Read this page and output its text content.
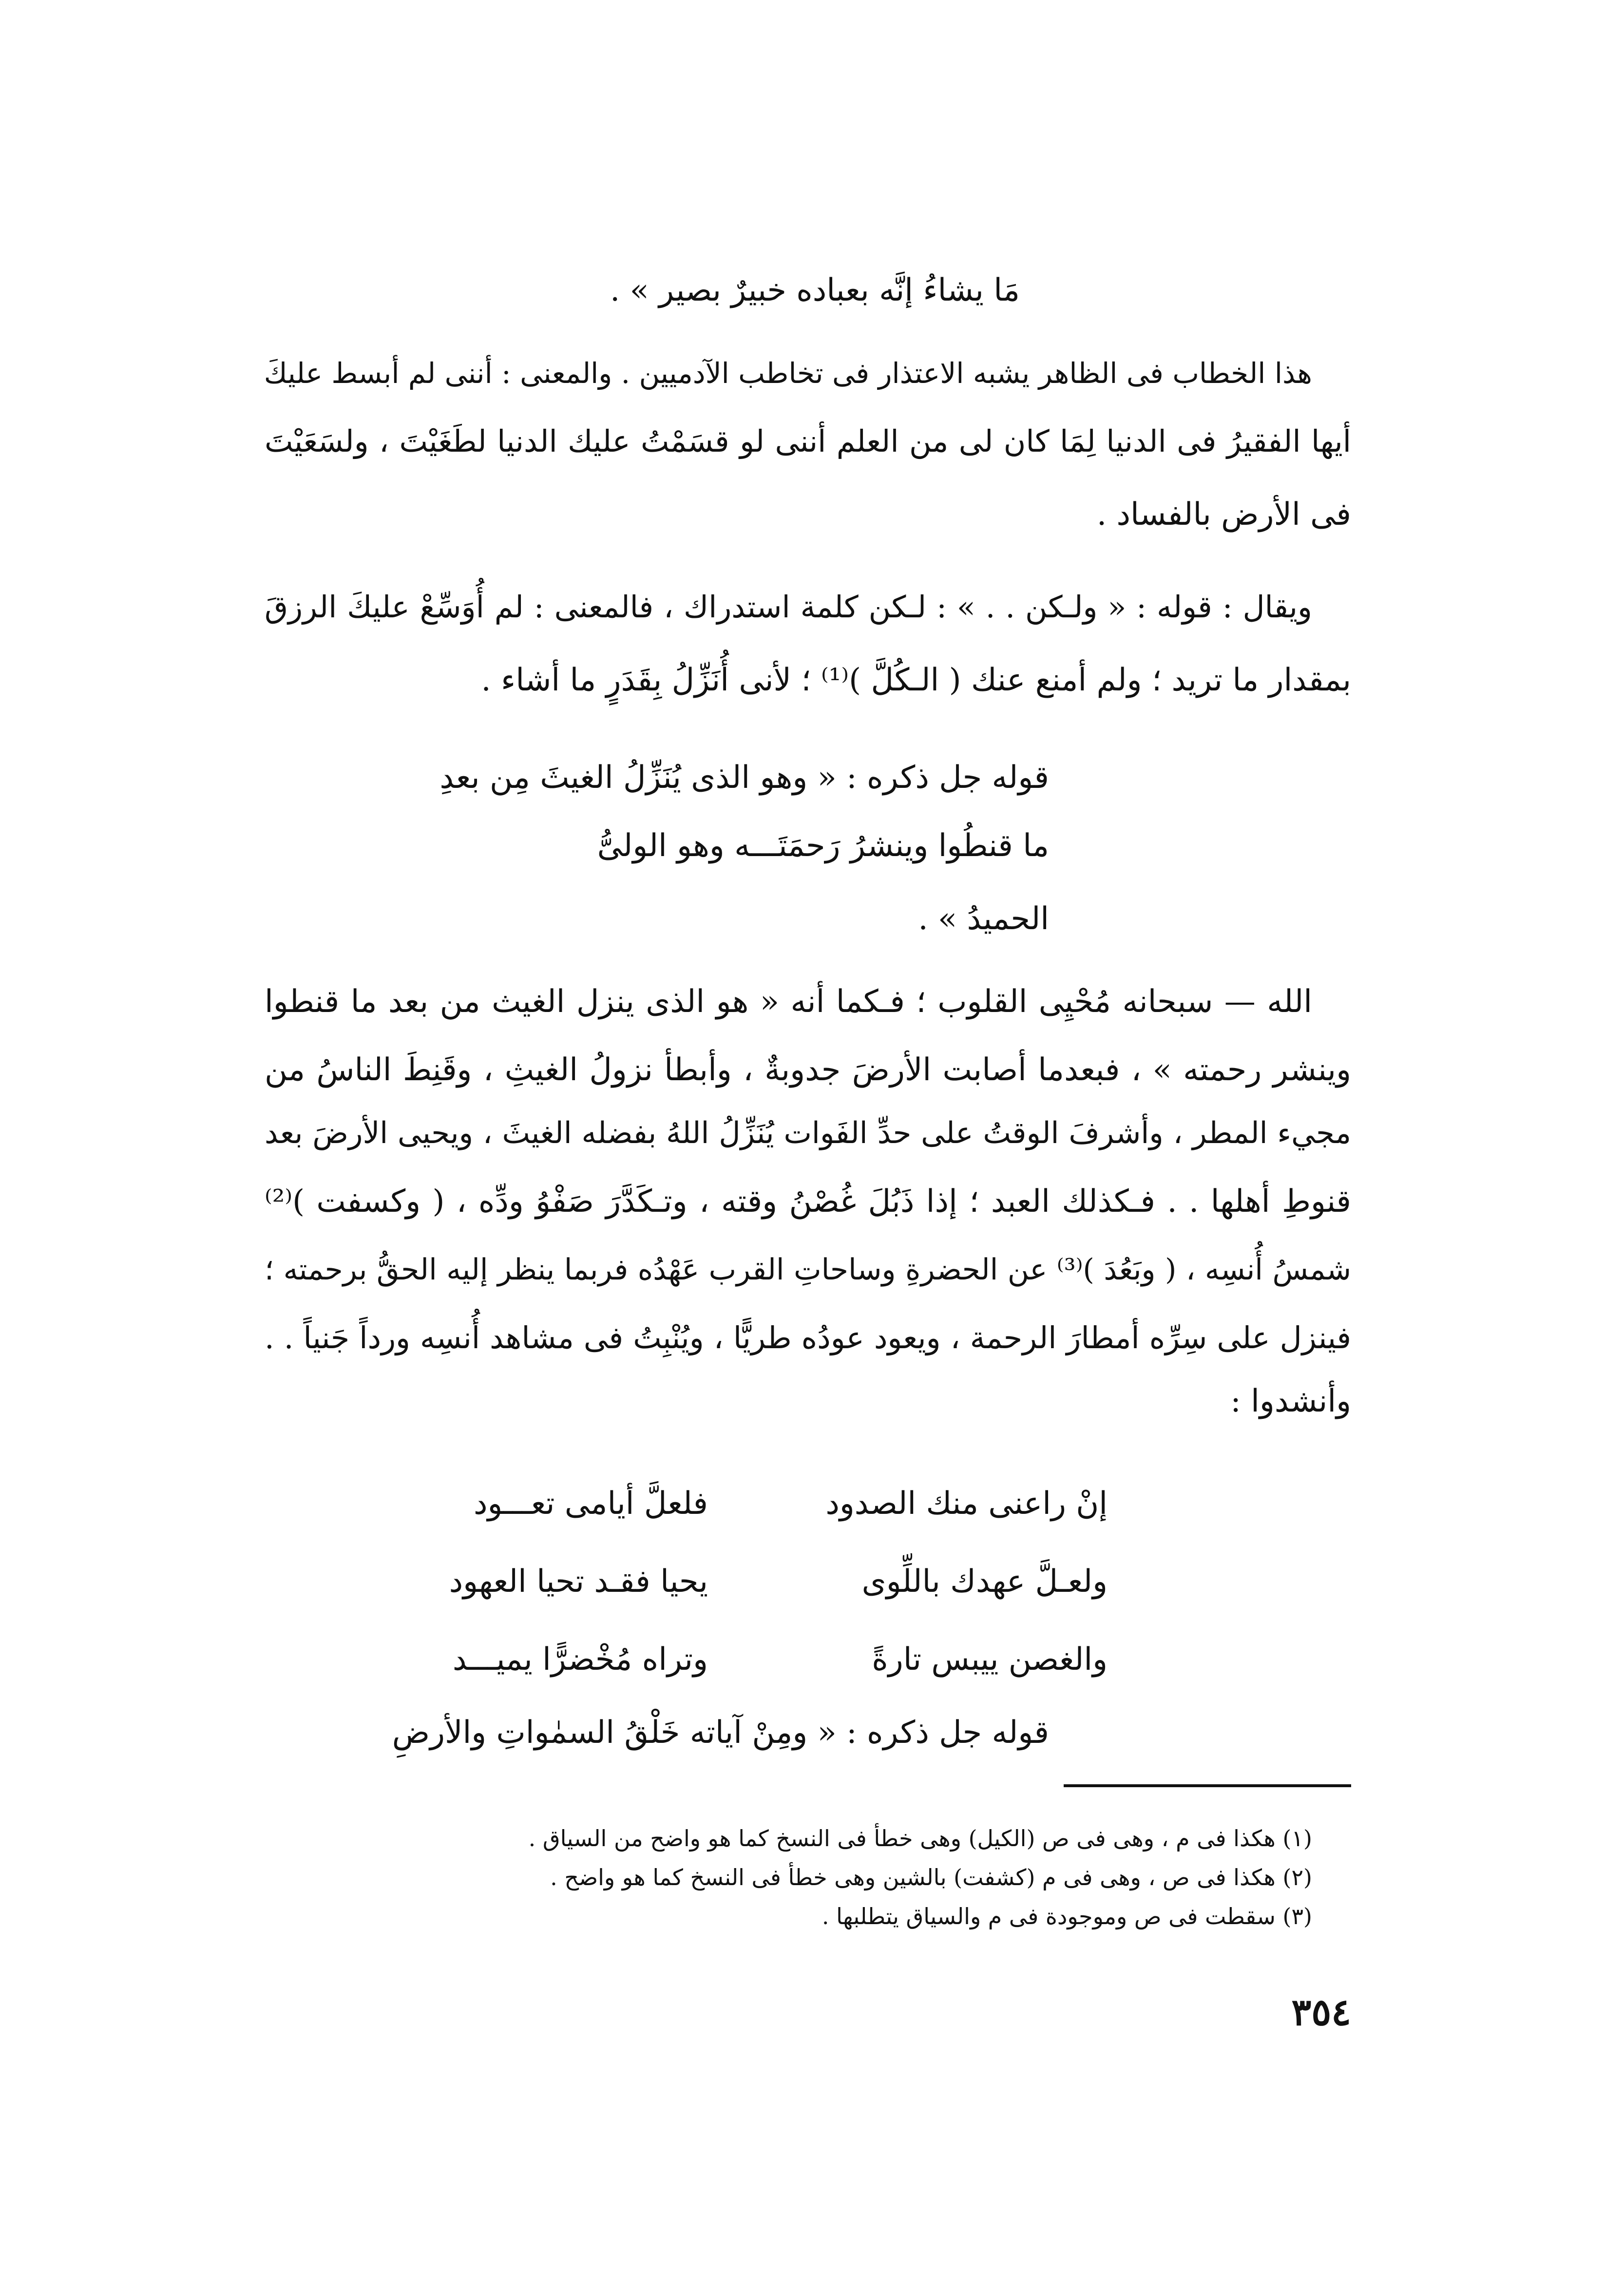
مَا يشاءُ إنَّه بعباده خبيرٌ بصير » .
هذا الخطاب فى الظاهر يشبه الاعتذار فى تخاطب الآدميين . والمعنى : أننى لم أبسط عليكَ
أيها الفقيرُ فى الدنيا لِمَا كان لى من العلم أننى لو قسَمْتُ عليك الدنيا لطَغَيْتَ ، ولسَعَيْتَ
فى الأرض بالفساد .
ويقال : قوله : « ولـكن . . » : لـكن كلمة استدراك ، فالمعنى : لم أُوَسِّعْ عليكَ الرزقَ
بمقدار ما تريد ؛ ولم أمنع عنك ( الـكُلَّ )⁽¹⁾ ؛ لأنى أُنَزِّلُ بِقَدَرٍ ما أشاء .
قوله جل ذكره : « وهو الذى يُنَزِّلُ الغيثَ مِن بعدِ
ما قنطُوا وينشرُ رَحمَتَـــه وهو الولىُّ
الحميدُ » .
الله — سبحانه مُحْيِى القلوب ؛ فـكما أنه « هو الذى ينزل الغيث من بعد ما قنطوا
وينشر رحمته » ، فبعدما أصابت الأرضَ جدوبةٌ ، وأبطأ نزولُ الغيثِ ، وقَنِطَ الناسُ من
مجيء المطر ، وأشرفَ الوقتُ على حدِّ الفَوات يُنَزِّلُ اللهُ بفضله الغيثَ ، ويحيى الأرضَ بعد
قنوطِ أهلها . . فـكذلك العبد ؛ إذا ذَبُلَ غُصْنُ وقته ، وتـكَدَّرَ صَفْوُ ودِّه ، ( وكسفت )⁽²⁾
شمسُ أُنسِه ، ( وبَعُدَ )⁽³⁾ عن الحضرةِ وساحاتِ القرب عَهْدُه فربما ينظر إليه الحقُّ برحمته ؛
فينزل على سِرِّه أمطارَ الرحمة ، ويعود عودُه طريًّا ، ويُنْبِتُ فى مشاهد أُنسِه ورداً جَنياً . .
وأنشدوا :
إنْ راعنى منك الصدود
فلعلَّ أيامى تعـــود
ولعـلَّ عهدك باللِّوى
يحيا فقـد تحيا العهود
والغصن ييبس تارةً
وتراه مُخْضرًّا يميـــد
قوله جل ذكره : « ومِنْ آياته خَلْقُ السمٰواتِ والأرضِ
(١) هكذا فى م ، وهى فى ص (الكيل) وهى خطأ فى النسخ كما هو واضح من السياق .
(٢) هكذا فى ص ، وهى فى م (كشفت) بالشين وهى خطأ فى النسخ كما هو واضح .
(٣) سقطت فى ص وموجودة فى م والسياق يتطلبها .
٣٥٤
